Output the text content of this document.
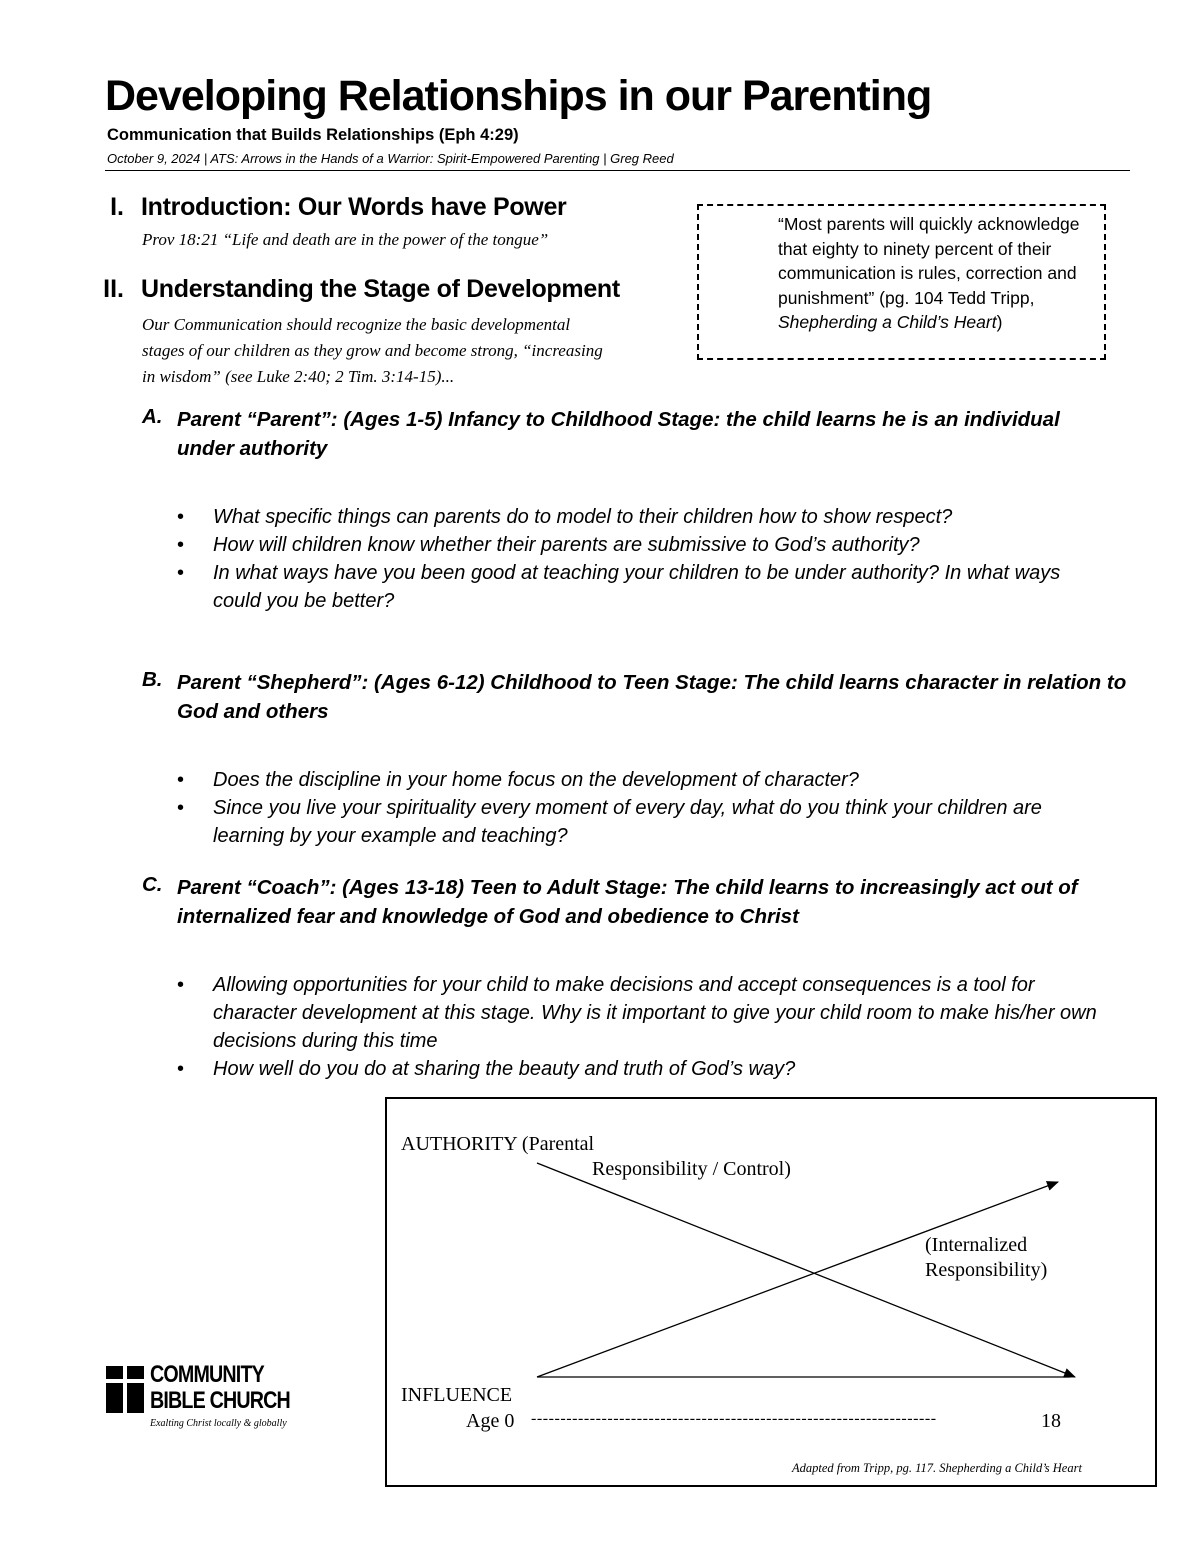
Developing Relationships in our Parenting
Communication that Builds Relationships (Eph 4:29)
October 9, 2024 | ATS: Arrows in the Hands of a Warrior: Spirit-Empowered Parenting | Greg Reed
I. Introduction: Our Words have Power
Prov 18:21 “Life and death are in the power of the tongue”
II. Understanding the Stage of Development
Our Communication should recognize the basic developmental
stages of our children as they grow and become strong, “increasing
in wisdom” (see Luke 2:40; 2 Tim. 3:14-15)...
“Most parents will quickly acknowledge that eighty to ninety percent of their communication is rules, correction and punishment” (pg. 104 Tedd Tripp, Shepherding a Child’s Heart)
A. Parent “Parent”: (Ages 1-5) Infancy to Childhood Stage: the child learns he is an individual under authority
• What specific things can parents do to model to their children how to show respect?
• How will children know whether their parents are submissive to God’s authority?
• In what ways have you been good at teaching your children to be under authority? In what ways could you be better?
B. Parent “Shepherd”: (Ages 6-12) Childhood to Teen Stage: The child learns character in relation to God and others
• Does the discipline in your home focus on the development of character?
• Since you live your spirituality every moment of every day, what do you think your children are learning by your example and teaching?
C. Parent “Coach”: (Ages 13-18) Teen to Adult Stage: The child learns to increasingly act out of internalized fear and knowledge of God and obedience to Christ
• Allowing opportunities for your child to make decisions and accept consequences is a tool for character development at this stage. Why is it important to give your child room to make his/her own decisions during this time
• How well do you do at sharing the beauty and truth of God’s way?
COMMUNITY
BIBLE CHURCH
Exalting Christ locally & globally
AUTHORITY (Parental
Responsibility / Control)
(Internalized
Responsibility)
INFLUENCE
Age 0 ---------------------------------------------------------------------	18
Adapted from Tripp, pg. 117. Shepherding a Child’s Heart
